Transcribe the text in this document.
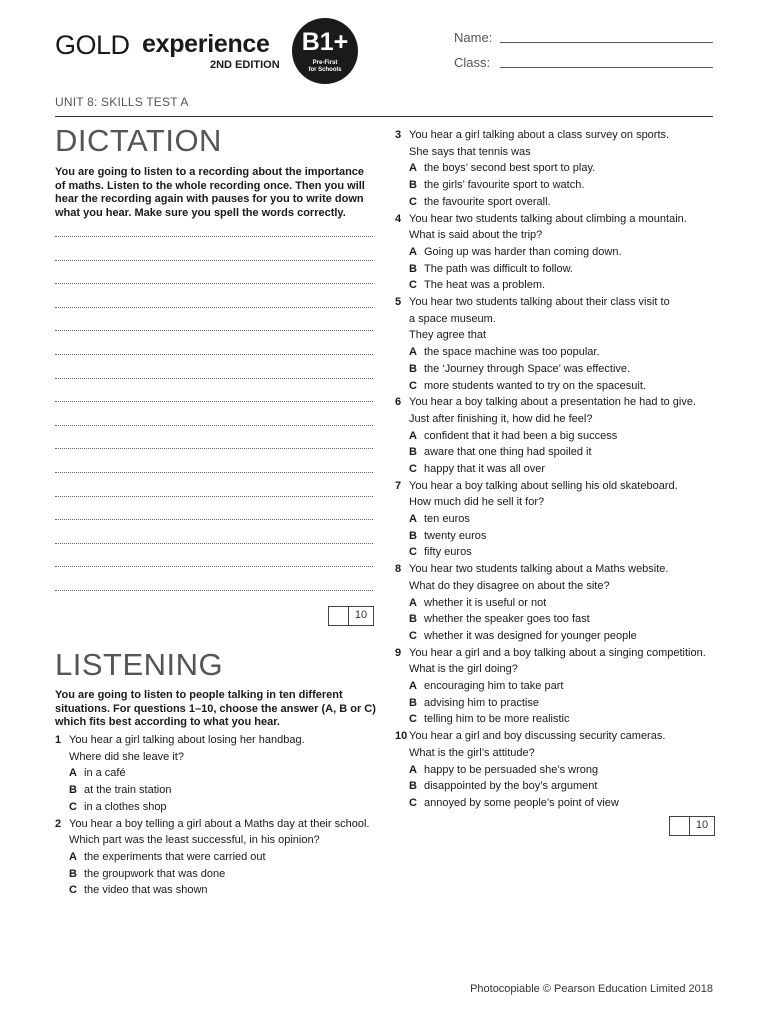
GOLD experience
2ND EDITION
B1+
Pre-First
for Schools
Name:
Class:
UNIT 8: SKILLS TEST A
DICTATION
You are going to listen to a recording about the importance
of maths. Listen to the whole recording once. Then you will
hear the recording again with pauses for you to write down
what you hear. Make sure you spell the words correctly.
10
LISTENING
You are going to listen to people talking in ten different
situations. For questions 1–10, choose the answer (A, B or C)
which fits best according to what you hear.
1 You hear a girl talking about losing her handbag.
Where did she leave it?
A in a café
B at the train station
C in a clothes shop
2 You hear a boy telling a girl about a Maths day at their school.
Which part was the least successful, in his opinion?
A the experiments that were carried out
B the groupwork that was done
C the video that was shown
3 You hear a girl talking about a class survey on sports.
She says that tennis was
A the boys’ second best sport to play.
B the girls’ favourite sport to watch.
C the favourite sport overall.
4 You hear two students talking about climbing a mountain.
What is said about the trip?
A Going up was harder than coming down.
B The path was difficult to follow.
C The heat was a problem.
5 You hear two students talking about their class visit to
a space museum.
They agree that
A the space machine was too popular.
B the ‘Journey through Space’ was effective.
C more students wanted to try on the spacesuit.
6 You hear a boy talking about a presentation he had to give.
Just after finishing it, how did he feel?
A confident that it had been a big success
B aware that one thing had spoiled it
C happy that it was all over
7 You hear a boy talking about selling his old skateboard.
How much did he sell it for?
A ten euros
B twenty euros
C fifty euros
8 You hear two students talking about a Maths website.
What do they disagree on about the site?
A whether it is useful or not
B whether the speaker goes too fast
C whether it was designed for younger people
9 You hear a girl and a boy talking about a singing competition.
What is the girl doing?
A encouraging him to take part
B advising him to practise
C telling him to be more realistic
10 You hear a girl and boy discussing security cameras.
What is the girl’s attitude?
A happy to be persuaded she’s wrong
B disappointed by the boy’s argument
C annoyed by some people’s point of view
10
Photocopiable © Pearson Education Limited 2018
